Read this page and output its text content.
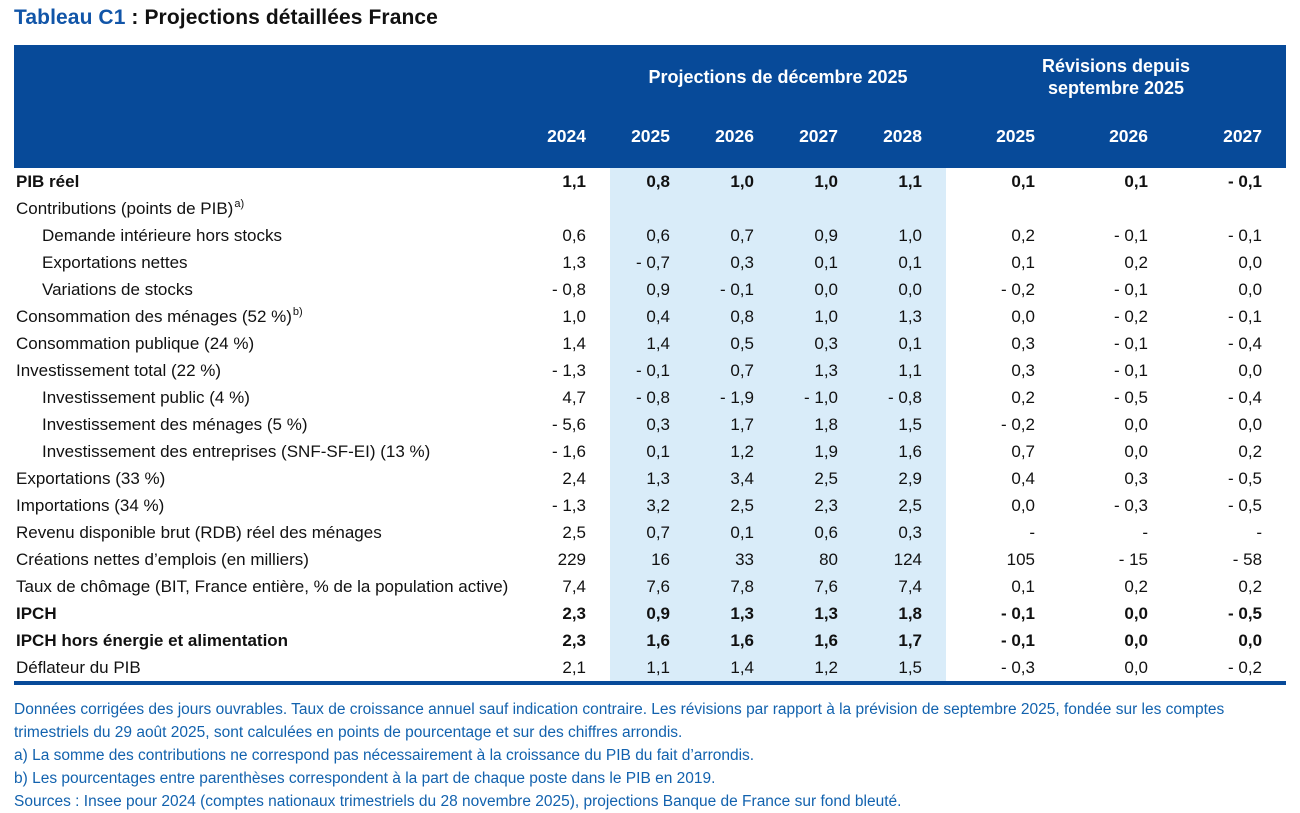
Tableau C1 : Projections détaillées France

		Projections de décembre 2025				Révisions depuis septembre 2025		

	2024	2025	2026	2027	2028	2025	2026	2027
PIB réel	1,1	0,8	1,0	1,0	1,1	0,1	0,1	- 0,1
Contributions (points de PIB)$^{a)}$								
Demande intérieure hors stocks	0,6	0,6	0,7	0,9	1,0	0,2	- 0,1	- 0,1
Exportations nettes	1,3	- 0,7	0,3	0,1	0,1	0,1	0,2	0,0
Variations de stocks	- 0,8	0,9	- 0,1	0,0	0,0	- 0,2	- 0,1	0,0
Consommation des ménages (52 %)$^{b)}$	1,0	0,4	0,8	1,0	1,3	0,0	- 0,2	- 0,1
Consommation publique (24 %)	1,4	1,4	0,5	0,3	0,1	0,3	- 0,1	- 0,4
Investissement total (22 %)	- 1,3	- 0,1	0,7	1,3	1,1	0,3	- 0,1	0,0
Investissement public (4 %)	4,7	- 0,8	- 1,9	- 1,0	- 0,8	0,2	- 0,5	- 0,4
Investissement des ménages (5 %)	- 5,6	0,3	1,7	1,8	1,5	- 0,2	0,0	0,0
Investissement des entreprises (SNF-SF-EI) (13 %)	- 1,6	0,1	1,2	1,9	1,6	0,7	0,0	0,2
Exportations (33 %)	2,4	1,3	3,4	2,5	2,9	0,4	0,3	- 0,5
Importations (34 %)	- 1,3	3,2	2,5	2,3	2,5	0,0	- 0,3	- 0,5
Revenu disponible brut (RDB) réel des ménages	2,5	0,7	0,1	0,6	0,3	-	-	-
Créations nettes d’emplois (en milliers)	229	16	33	80	124	105	- 15	- 58
Taux de chômage (BIT, France entière, % de la population active)	7,4	7,6	7,8	7,6	7,4	0,1	0,2	0,2
IPCH	2,3	0,9	1,3	1,3	1,8	- 0,1	0,0	- 0,5
IPCH hors énergie et alimentation	2,3	1,6	1,6	1,6	1,7	- 0,1	0,0	0,0
Déflateur du PIB	2,1	1,1	1,4	1,2	1,5	- 0,3	0,0	- 0,2

Données corrigées des jours ouvrables. Taux de croissance annuel sauf indication contraire. Les révisions par rapport à la prévision de septembre 2025, fondée sur les comptes trimestriels du 29 août 2025, sont calculées en points de pourcentage et sur des chiffres arrondis.

a) La somme des contributions ne correspond pas nécessairement à la croissance du PIB du fait d’arrondis.

b) Les pourcentages entre parenthèses correspondent à la part de chaque poste dans le PIB en 2019.

Sources : Insee pour 2024 (comptes nationaux trimestriels du 28 novembre 2025), projections Banque de France sur fond bleuté.
